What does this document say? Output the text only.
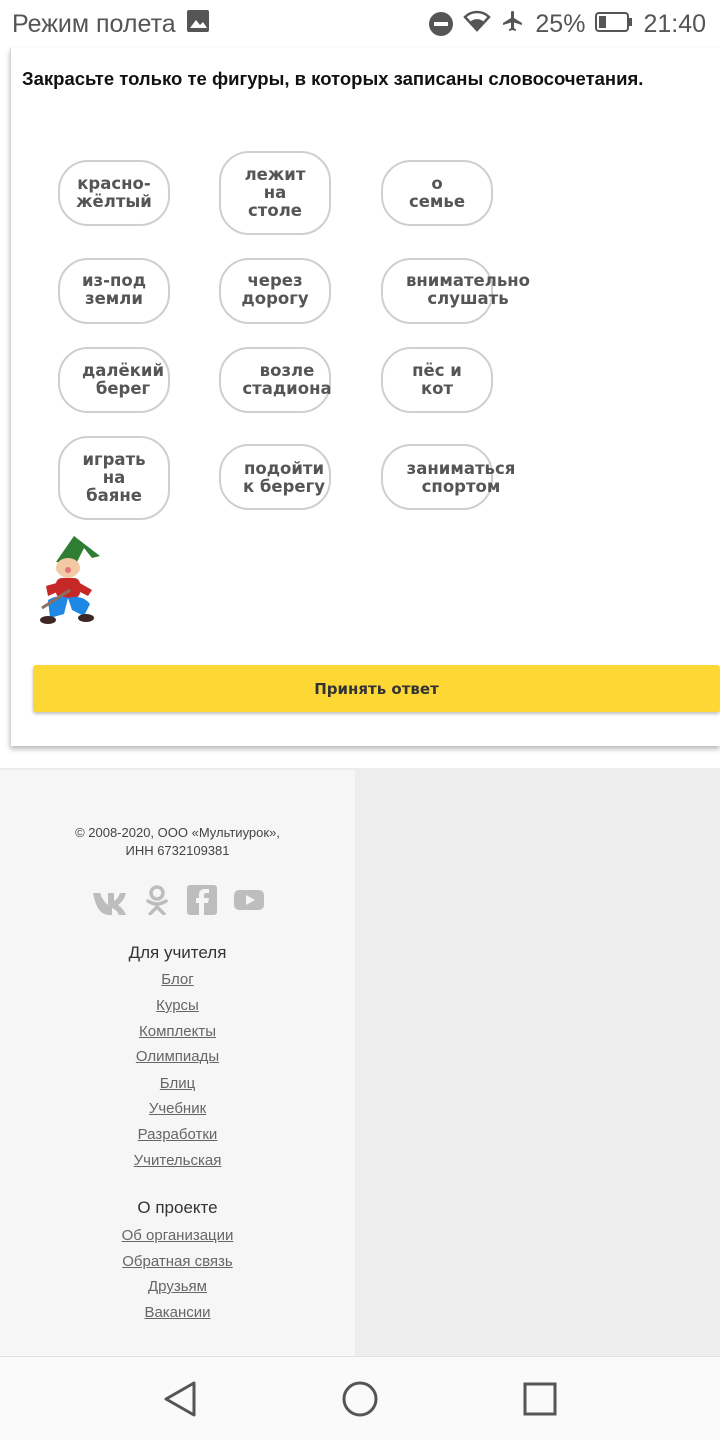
Режим полета	25% 21:40
Закрасьте только те фигуры, в которых записаны словосочетания.
красно-
жёлтый
лежит
на
столе
о
семье
из-под
земли
через
дорогу
внимательно
слушать
далёкий
берег
возле
стадиона
пёс и
кот
играть
на
баяне
подойти
к берегу
заниматься
спортом
Принять ответ
© 2008-2020, ООО «Мультиурок»,
ИНН 6732109381
Для учителя
Блог
Курсы
Комплекты
Олимпиады
Блиц
Учебник
Разработки
Учительская
О проекте
Об организации
Обратная связь
Друзьям
Вакансии
